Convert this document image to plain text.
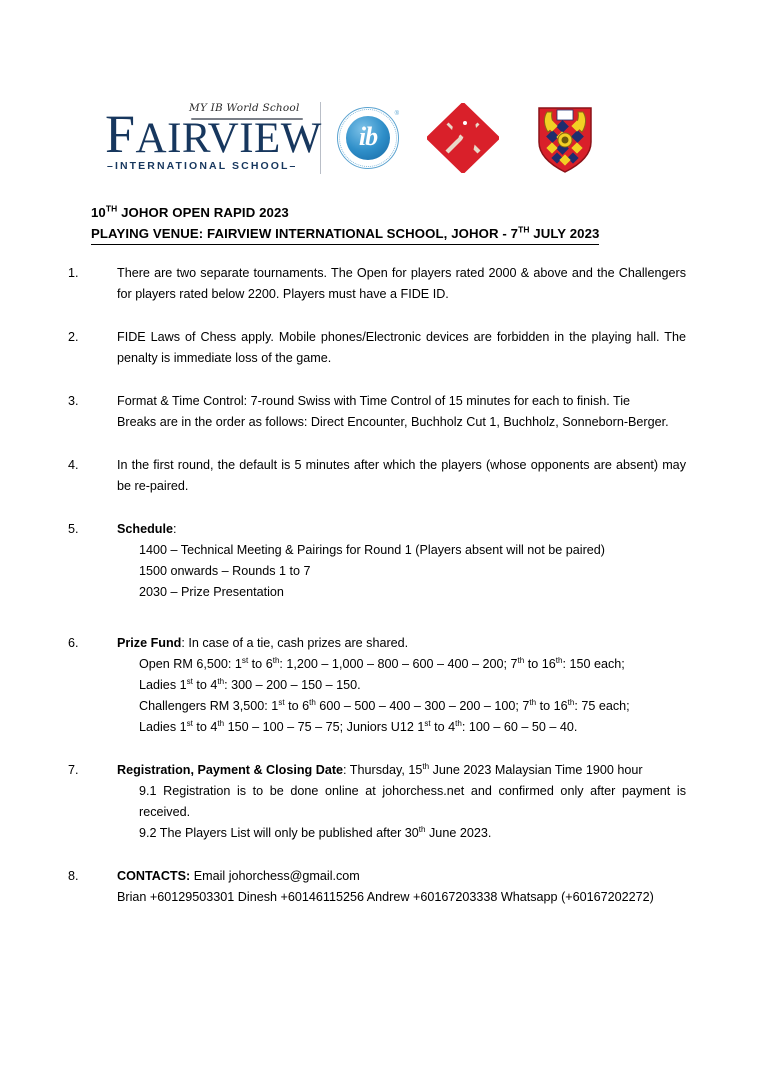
MY IB World School
FAIRVIEW
–INTERNATIONAL SCHOOL–
ib
®
10TH JOHOR OPEN RAPID 2023
PLAYING VENUE: FAIRVIEW INTERNATIONAL SCHOOL, JOHOR - 7TH JULY 2023
1.	There are two separate tournaments. The Open for players rated 2000 & above and the Challengers for players rated below 2200. Players must have a FIDE ID.
2.	FIDE Laws of Chess apply. Mobile phones/Electronic devices are forbidden in the playing hall. The penalty is immediate loss of the game.
3.	Format & Time Control: 7-round Swiss with Time Control of 15 minutes for each to finish. Tie
Breaks are in the order as follows: Direct Encounter, Buchholz Cut 1, Buchholz, Sonneborn-Berger.
4.	In the first round, the default is 5 minutes after which the players (whose opponents are absent) may be re-paired.
5.	Schedule:
1400 – Technical Meeting & Pairings for Round 1 (Players absent will not be paired)
1500 onwards – Rounds 1 to 7
2030 – Prize Presentation
6.	Prize Fund: In case of a tie, cash prizes are shared.
Open RM 6,500: 1st to 6th: 1,200 – 1,000 – 800 – 600 – 400 – 200; 7th to 16th: 150 each;
Ladies 1st to 4th: 300 – 200 – 150 – 150.
Challengers RM 3,500: 1st to 6th 600 – 500 – 400 – 300 – 200 – 100; 7th to 16th: 75 each;
Ladies 1st to 4th 150 – 100 – 75 – 75; Juniors U12 1st to 4th: 100 – 60 – 50 – 40.
7.	Registration, Payment & Closing Date: Thursday, 15th June 2023 Malaysian Time 1900 hour
9.1 Registration is to be done online at johorchess.net and confirmed only after payment is received.
9.2 The Players List will only be published after 30th June 2023.
8.	CONTACTS: Email johorchess@gmail.com
Brian +60129503301 Dinesh +60146115256 Andrew +60167203338 Whatsapp (+60167202272)
